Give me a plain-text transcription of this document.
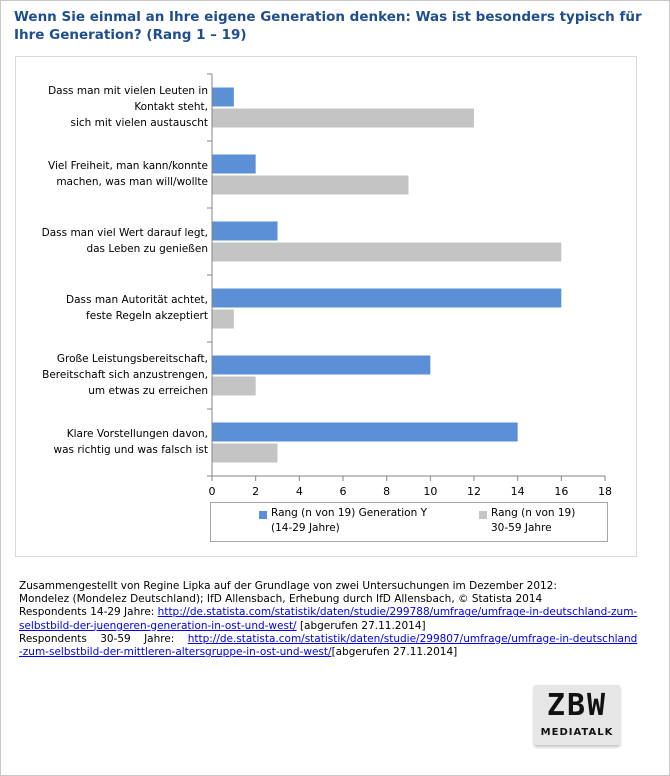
Wenn Sie einmal an Ihre eigene Generation denken: Was ist besonders typisch für Ihre Generation? (Rang 1 – 19)
0	2	4	6	8	10	12	14	16	18
Dass man mit vielen Leuten in
Kontakt steht,
sich mit vielen austauscht
Viel Freiheit, man kann/konnte
machen, was man will/wollte
Dass man viel Wert darauf legt,
das Leben zu genießen
Dass man Autorität achtet,
feste Regeln akzeptiert
Große Leistungsbereitschaft,
Bereitschaft sich anzustrengen,
um etwas zu erreichen
Klare Vorstellungen davon,
was richtig und was falsch ist
Rang (n von 19) Generation Y
(14-29 Jahre)
Rang (n von 19)
30-59 Jahre
Zusammengestellt von Regine Lipka auf der Grundlage von zwei Untersuchungen im Dezember 2012:
Mondelez (Mondelez Deutschland); IfD Allensbach, Erhebung durch IfD Allensbach, © Statista 2014
Respondents 14-29 Jahre: http://de.statista.com/statistik/daten/studie/299788/umfrage/umfrage-in-deutschland-zum-selbstbild-der-juengeren-generation-in-ost-und-west/ [abgerufen 27.11.2014]
Respondents    30-59    Jahre:    http://de.statista.com/statistik/daten/studie/299807/umfrage/umfrage-in-deutschland-zum-selbstbild-der-mittleren-altersgruppe-in-ost-und-west/[abgerufen 27.11.2014]
ZBW
MEDIATALK
